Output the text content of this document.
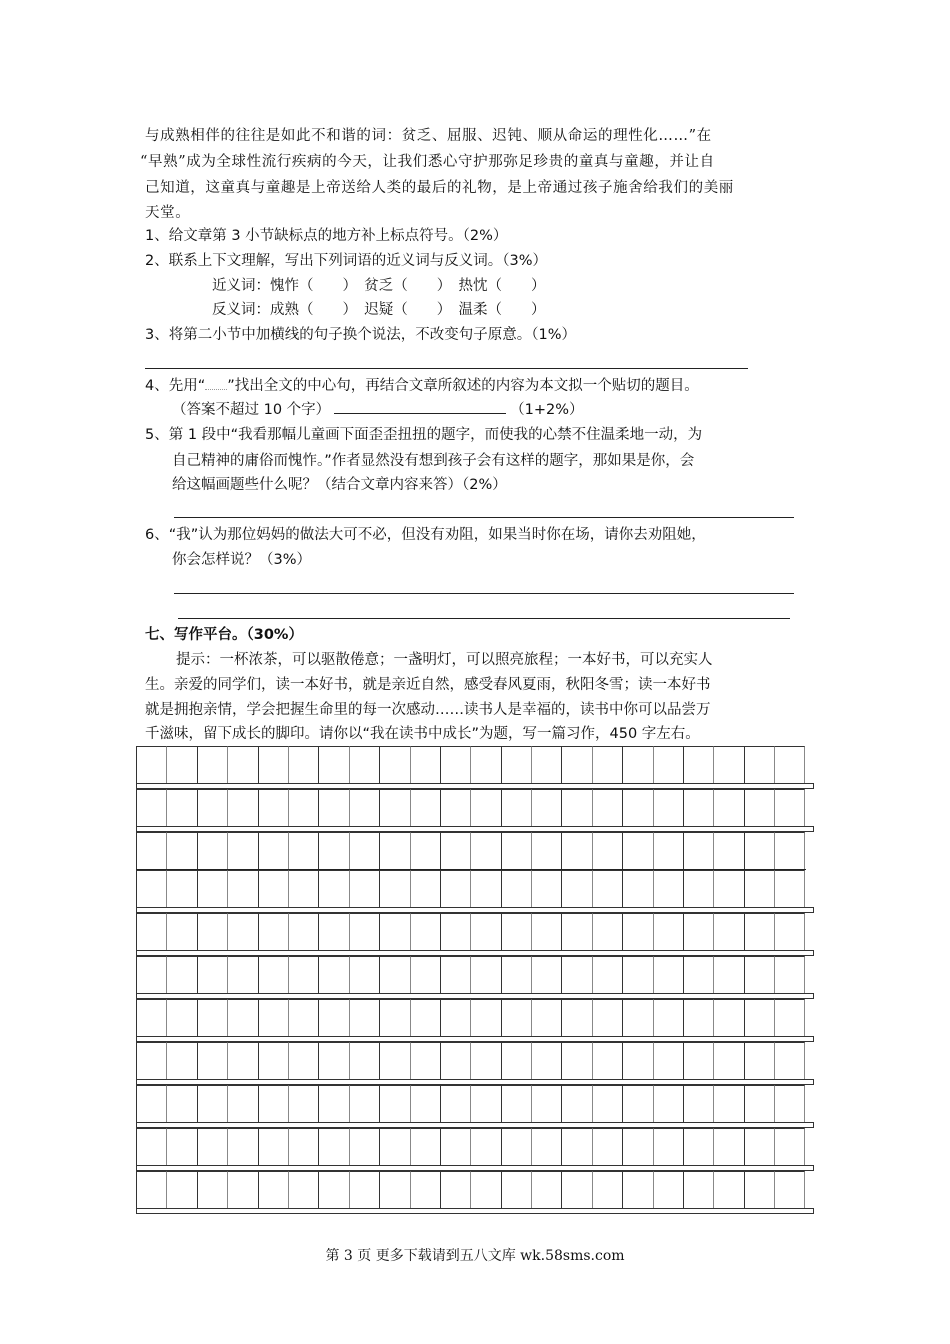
与成熟相伴的往往是如此不和谐的词：贫乏、屈服、迟钝、顺从命运的理性化……”在
“早熟”成为全球性流行疾病的今天，让我们悉心守护那弥足珍贵的童真与童趣，并让自
己知道，这童真与童趣是上帝送给人类的最后的礼物，是上帝通过孩子施舍给我们的美丽
天堂。
1、给文章第 3 小节缺标点的地方补上标点符号。（2%）
2、联系上下文理解，写出下列词语的近义词与反义词。（3%）
近义词：愧怍（　　）　贫乏（　　）　热忱（　　）
反义词：成熟（　　）　迟疑（　　）　温柔（　　）
3、将第二小节中加横线的句子换个说法，不改变句子原意。（1%）
4、先用“ ”找出全文的中心句，再结合文章所叙述的内容为本文拟一个贴切的题目。
（答案不超过 10 个字）	（1+2%）
5、第 1 段中“我看那幅儿童画下面歪歪扭扭的题字，而使我的心禁不住温柔地一动，为
自己精神的庸俗而愧怍。”作者显然没有想到孩子会有这样的题字，那如果是你，会
给这幅画题些什么呢？（结合文章内容来答）（2%）
6、“我”认为那位妈妈的做法大可不必，但没有劝阻，如果当时你在场，请你去劝阻她，
你会怎样说？（3%）
七、写作平台。（30%）
提示：一杯浓茶，可以驱散倦意；一盏明灯，可以照亮旅程；一本好书，可以充实人
生。亲爱的同学们，读一本好书，就是亲近自然，感受春风夏雨，秋阳冬雪；读一本好书
就是拥抱亲情，学会把握生命里的每一次感动……读书人是幸福的，读书中你可以品尝万
千滋味，留下成长的脚印。请你以“我在读书中成长”为题，写一篇习作，450 字左右。
第 3 页 更多下载请到五八文库 wk.58sms.com
